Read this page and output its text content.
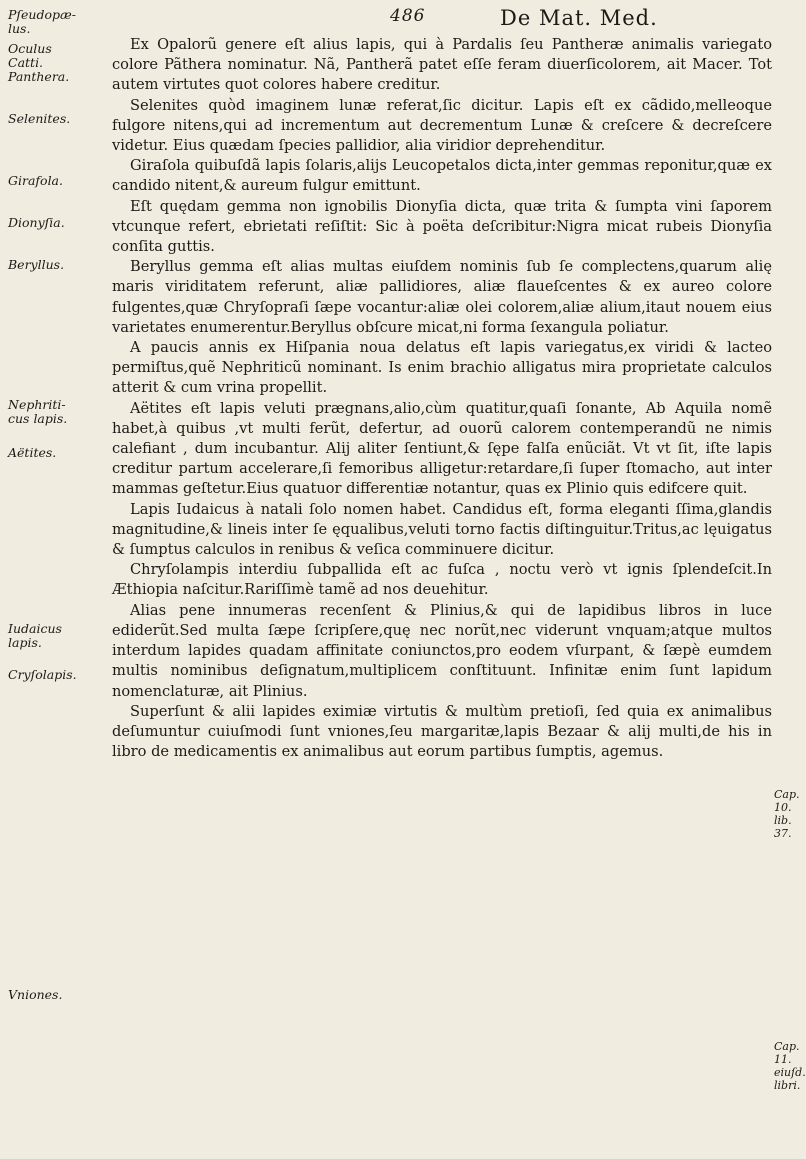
486	De Mat. Med.
Pſeudopæ-lus.
Oculus Catti.
Panthera.
Selenites.
Girafola.
Dionyſia.
Beryllus.
Nephriti-cus lapis.
Aëtites.
Iudaicus lapis.
Cryſolapis.
Vniones.
Cap. 10. lib. 37.
Cap. 11. eiuſd. libri.

Ex Opalorũ genere eſt alius lapis, qui à Pardalis ſeu Pantheræ animalis variegato colore Pãthera nominatur. Nã, Pantherã patet eſſe feram diuerſicolorem, ait Macer. Tot autem virtutes quot colores habere creditur.

Selenites quòd imaginem lunæ referat,ſic dicitur. Lapis eſt ex cãdido,melleoque fulgore nitens,qui ad incrementum aut decrementum Lunæ & creſcere & decreſcere videtur. Eius quædam ſpecies pallidior, alia viridior deprehenditur.

Giraſola quibuſdã lapis ſolaris,alijs Leucopetalos dicta,inter gemmas reponitur,quæ ex candido nitent,& aureum fulgur emittunt.

Eſt quędam gemma non ignobilis Dionyſia dicta, quæ trita & ſumpta vini ſaporem vtcunque refert, ebrietati reſiſtit: Sic à poëta deſcribitur:Nigra micat rubeis Dionyſia conſita guttis.

Beryllus gemma eſt alias multas eiuſdem nominis ſub ſe complectens,quarum alię maris viriditatem referunt, aliæ pallidiores, aliæ flaueſcentes & ex aureo colore fulgentes,quæ Chryſopraſi ſæpe vocantur:aliæ olei colorem,aliæ alium,itaut nouem eius varietates enumerentur.Beryllus obſcure micat,ni forma ſexangula poliatur.

A paucis annis ex Hiſpania noua delatus eſt lapis variegatus,ex viridi & lacteo permiſtus,quẽ Nephriticũ nominant. Is enim brachio alligatus mira proprietate calculos atterit & cum vrina propellit.

Aëtites eſt lapis veluti prægnans,alio,cùm quatitur,quaſi ſonante, Ab Aquila nomẽ habet,à quibus ,vt multi ferũt, defertur, ad ouorũ calorem contemperandũ ne nimis calefiant , dum incubantur. Alij aliter ſentiunt,& ſępe falſa enũciãt. Vt vt ſit, iſte lapis creditur partum accelerare,ſi femoribus alligetur:retardare,ſi ſuper ſtomacho, aut inter mammas geſtetur.Eius quatuor differentiæ notantur, quas ex Plinio quis edifcere quit.

Lapis Iudaicus à natali ſolo nomen habet. Candidus eſt, forma eleganti ſſima,glandis magnitudine,& lineis inter ſe ęqualibus,veluti torno factis diſtinguitur.Tritus,ac lęuigatus & ſumptus calculos in renibus & veſica comminuere dicitur.

Chryſolampis interdiu ſubpallida eſt ac fuſca , noctu verò vt ignis ſplendeſcit.In Æthiopia naſcitur.Rariſſimè tamẽ ad nos deuehitur.

Alias pene innumeras recenſent & Plinius,& qui de lapidibus libros in luce ediderũt.Sed multa ſæpe ſcripſere,quę nec norũt,nec viderunt vnquam;atque multos interdum lapides quadam affinitate coniunctos,pro eodem vſurpant, & ſæpè eumdem multis nominibus deſignatum,multiplicem conſtituunt. Infinitæ enim ſunt lapidum nomenclaturæ, ait Plinius.

Superſunt & alii lapides eximiæ virtutis & multùm pretioſi, ſed quia ex animalibus deſumuntur cuiuſmodi ſunt vniones,ſeu margaritæ,lapis Bezaar & alij multi,de his in libro de medicamentis ex animalibus aut eorum partibus ſumptis, agemus.
